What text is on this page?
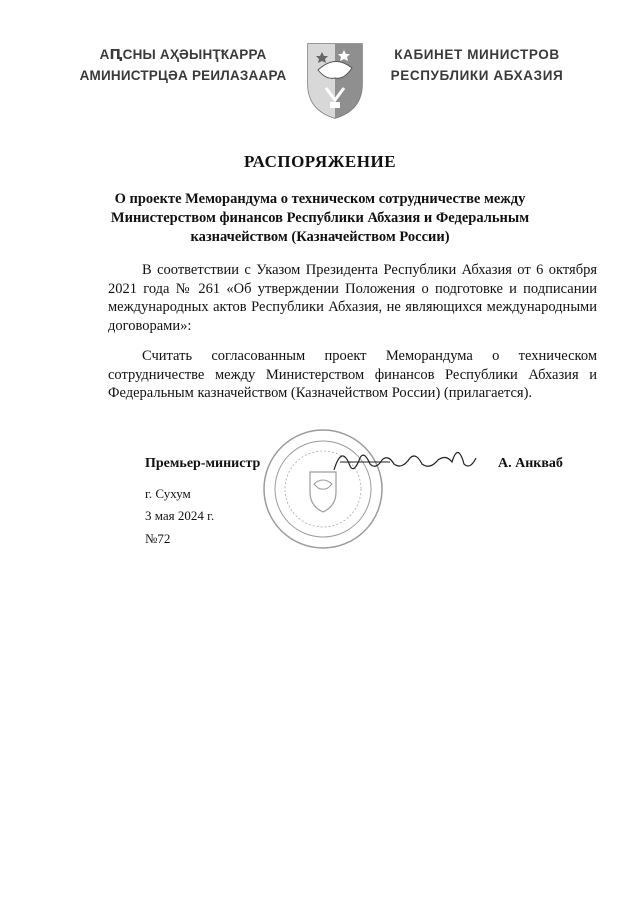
АԤСНЫ АҲӘЫНҬҞАРРА
АМИНИСТРЦӘА РЕИЛАЗААРА
КАБИНЕТ МИНИСТРОВ
РЕСПУБЛИКИ АБХАЗИЯ
РАСПОРЯЖЕНИЕ
О проекте Меморандума о техническом сотрудничестве между Министерством финансов Республики Абхазия и Федеральным казначейством (Казначейством России)
В соответствии с Указом Президента Республики Абхазия от 6 октября 2021 года № 261 «Об утверждении Положения о подготовке и подписании международных актов Республики Абхазия, не являющихся международными договорами»:
Считать согласованным проект Меморандума о техническом сотрудничестве между Министерством финансов Республики Абхазия и Федеральным казначейством (Казначейством России) (прилагается).
Премьер-министр	А. Анкваб
г. Сухум
3 мая 2024 г.
№72
